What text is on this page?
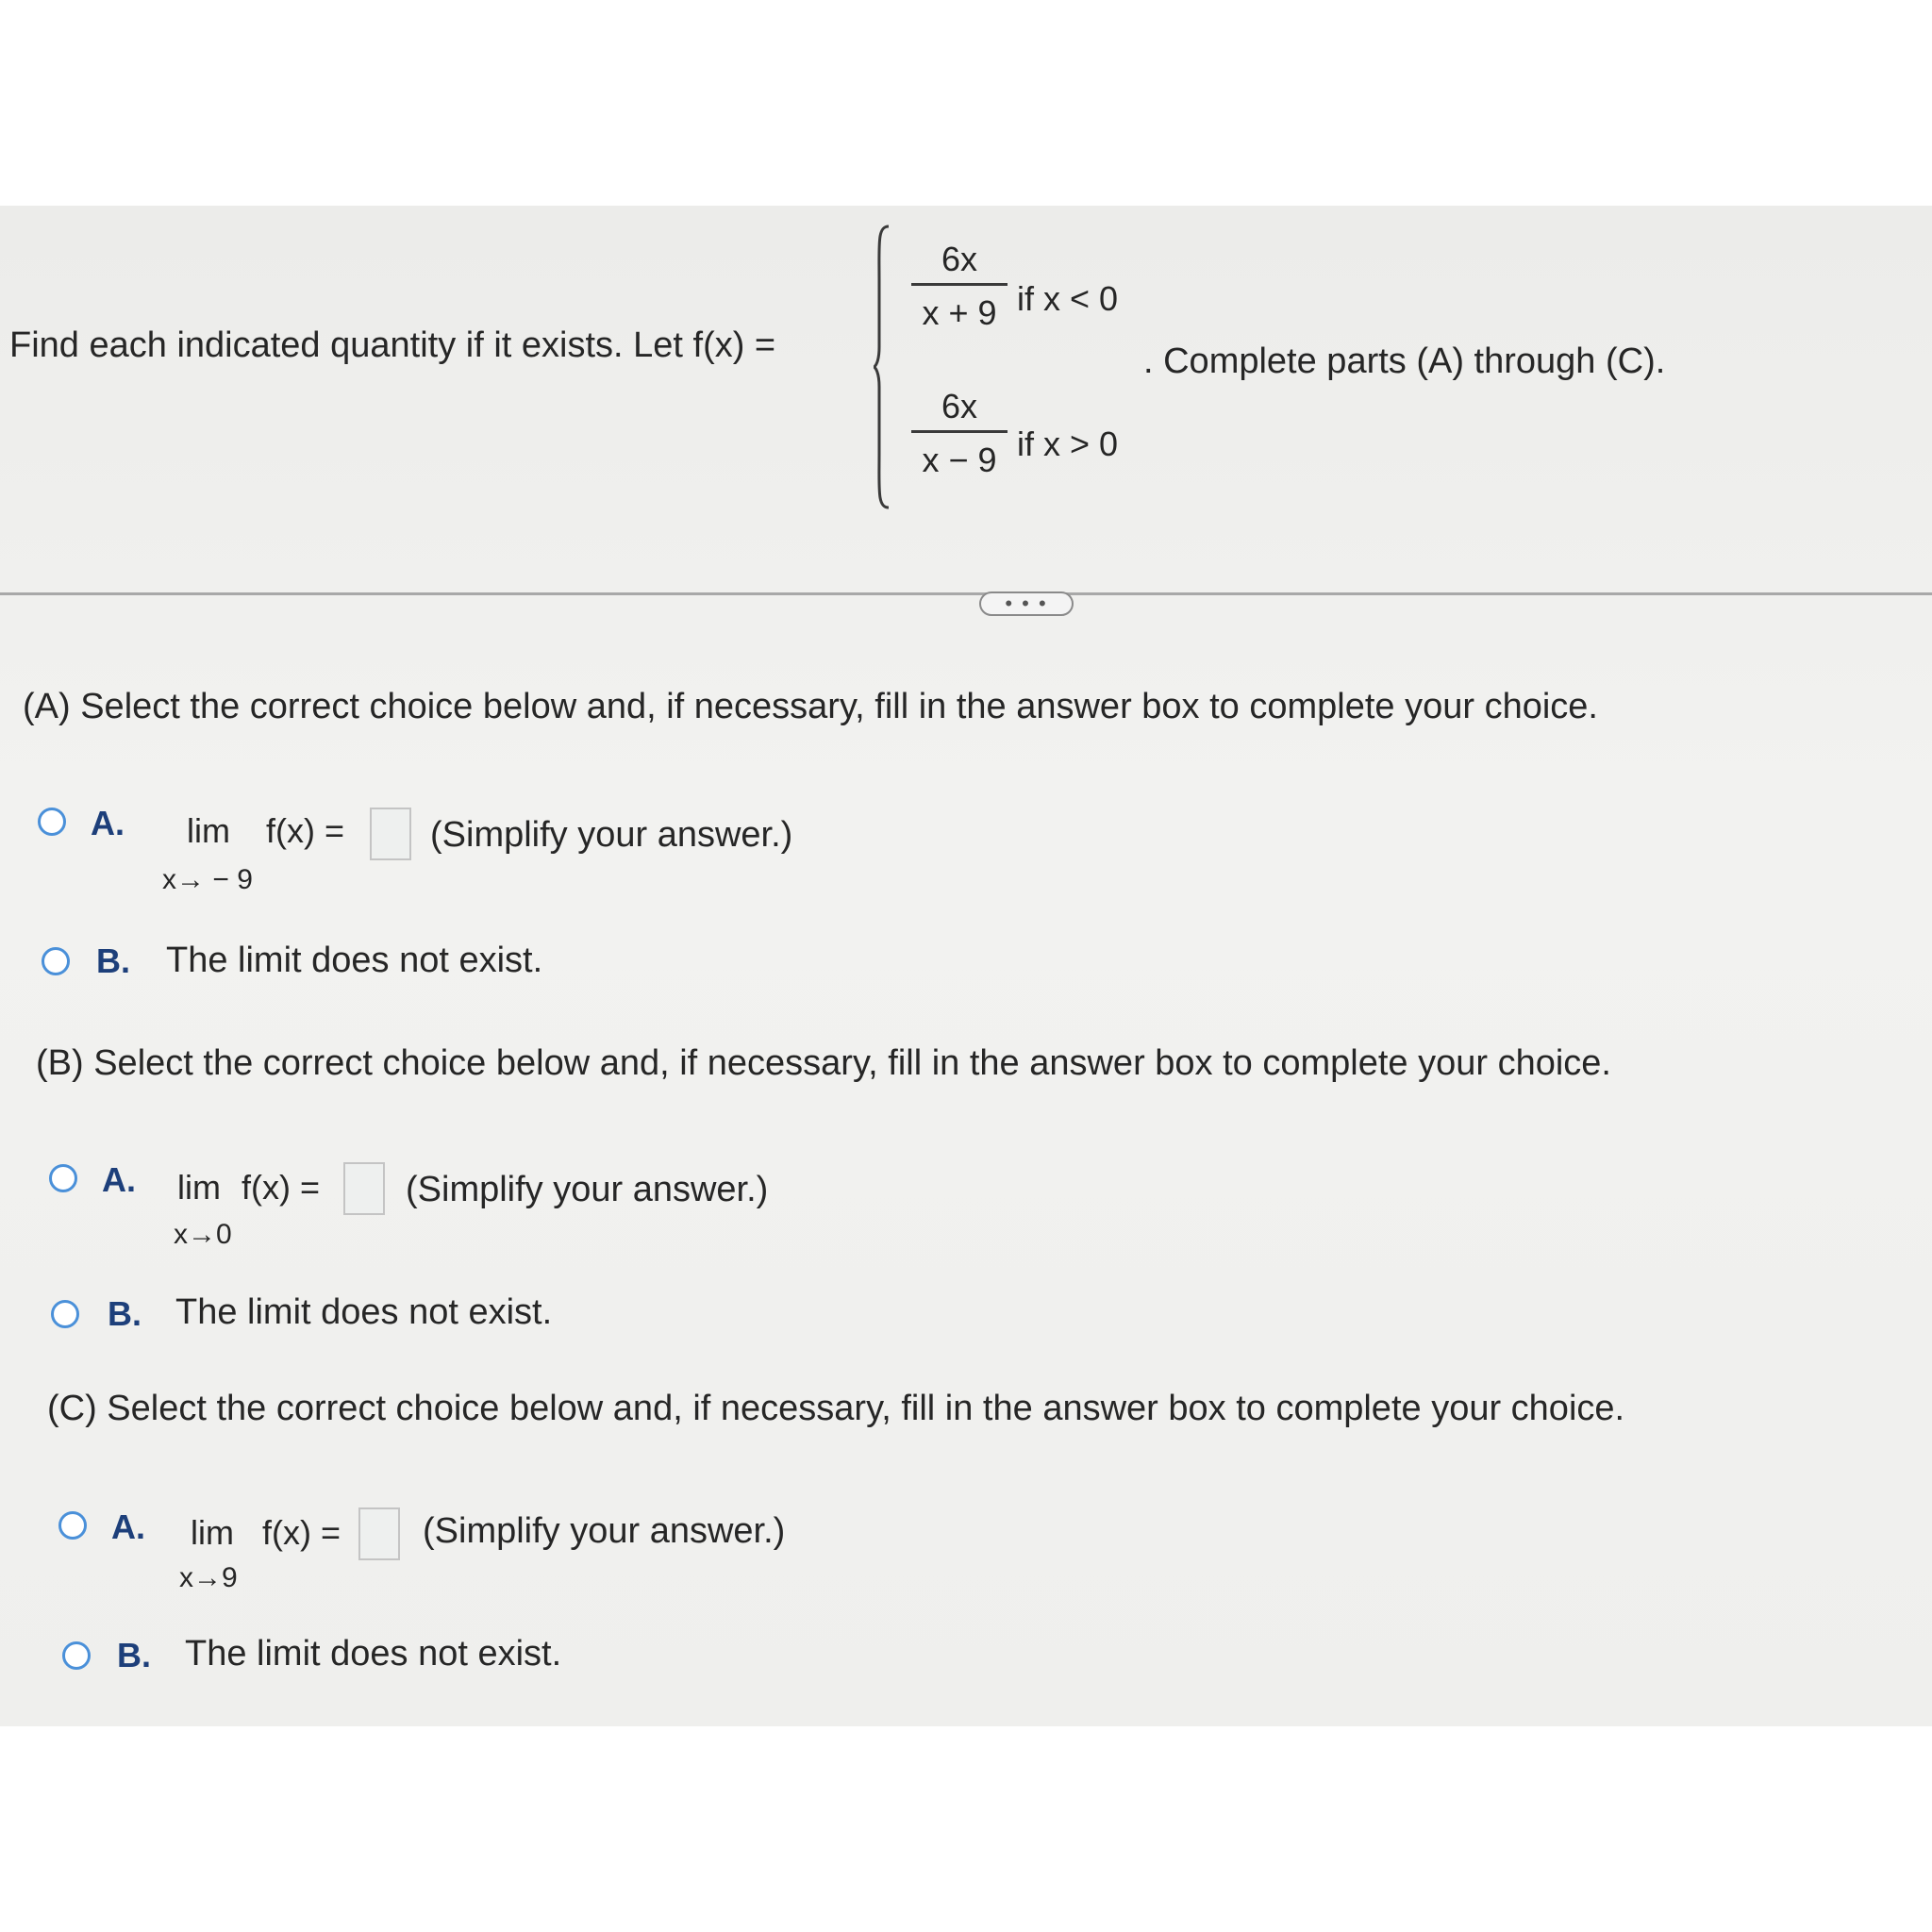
Find each indicated quantity if it exists. Let f(x) =
6x
x + 9 if x < 0
6x
x − 9 if x > 0
. Complete parts (A) through (C).
• • •
(A) Select the correct choice below and, if necessary, fill in the answer box to complete your choice.
A. lim f(x) =
x→ − 9
(Simplify your answer.)
B. The limit does not exist.
(B) Select the correct choice below and, if necessary, fill in the answer box to complete your choice.
A. lim f(x) =
x→0
(Simplify your answer.)
B. The limit does not exist.
(C) Select the correct choice below and, if necessary, fill in the answer box to complete your choice.
A. lim f(x) =
x→9
(Simplify your answer.)
B. The limit does not exist.
